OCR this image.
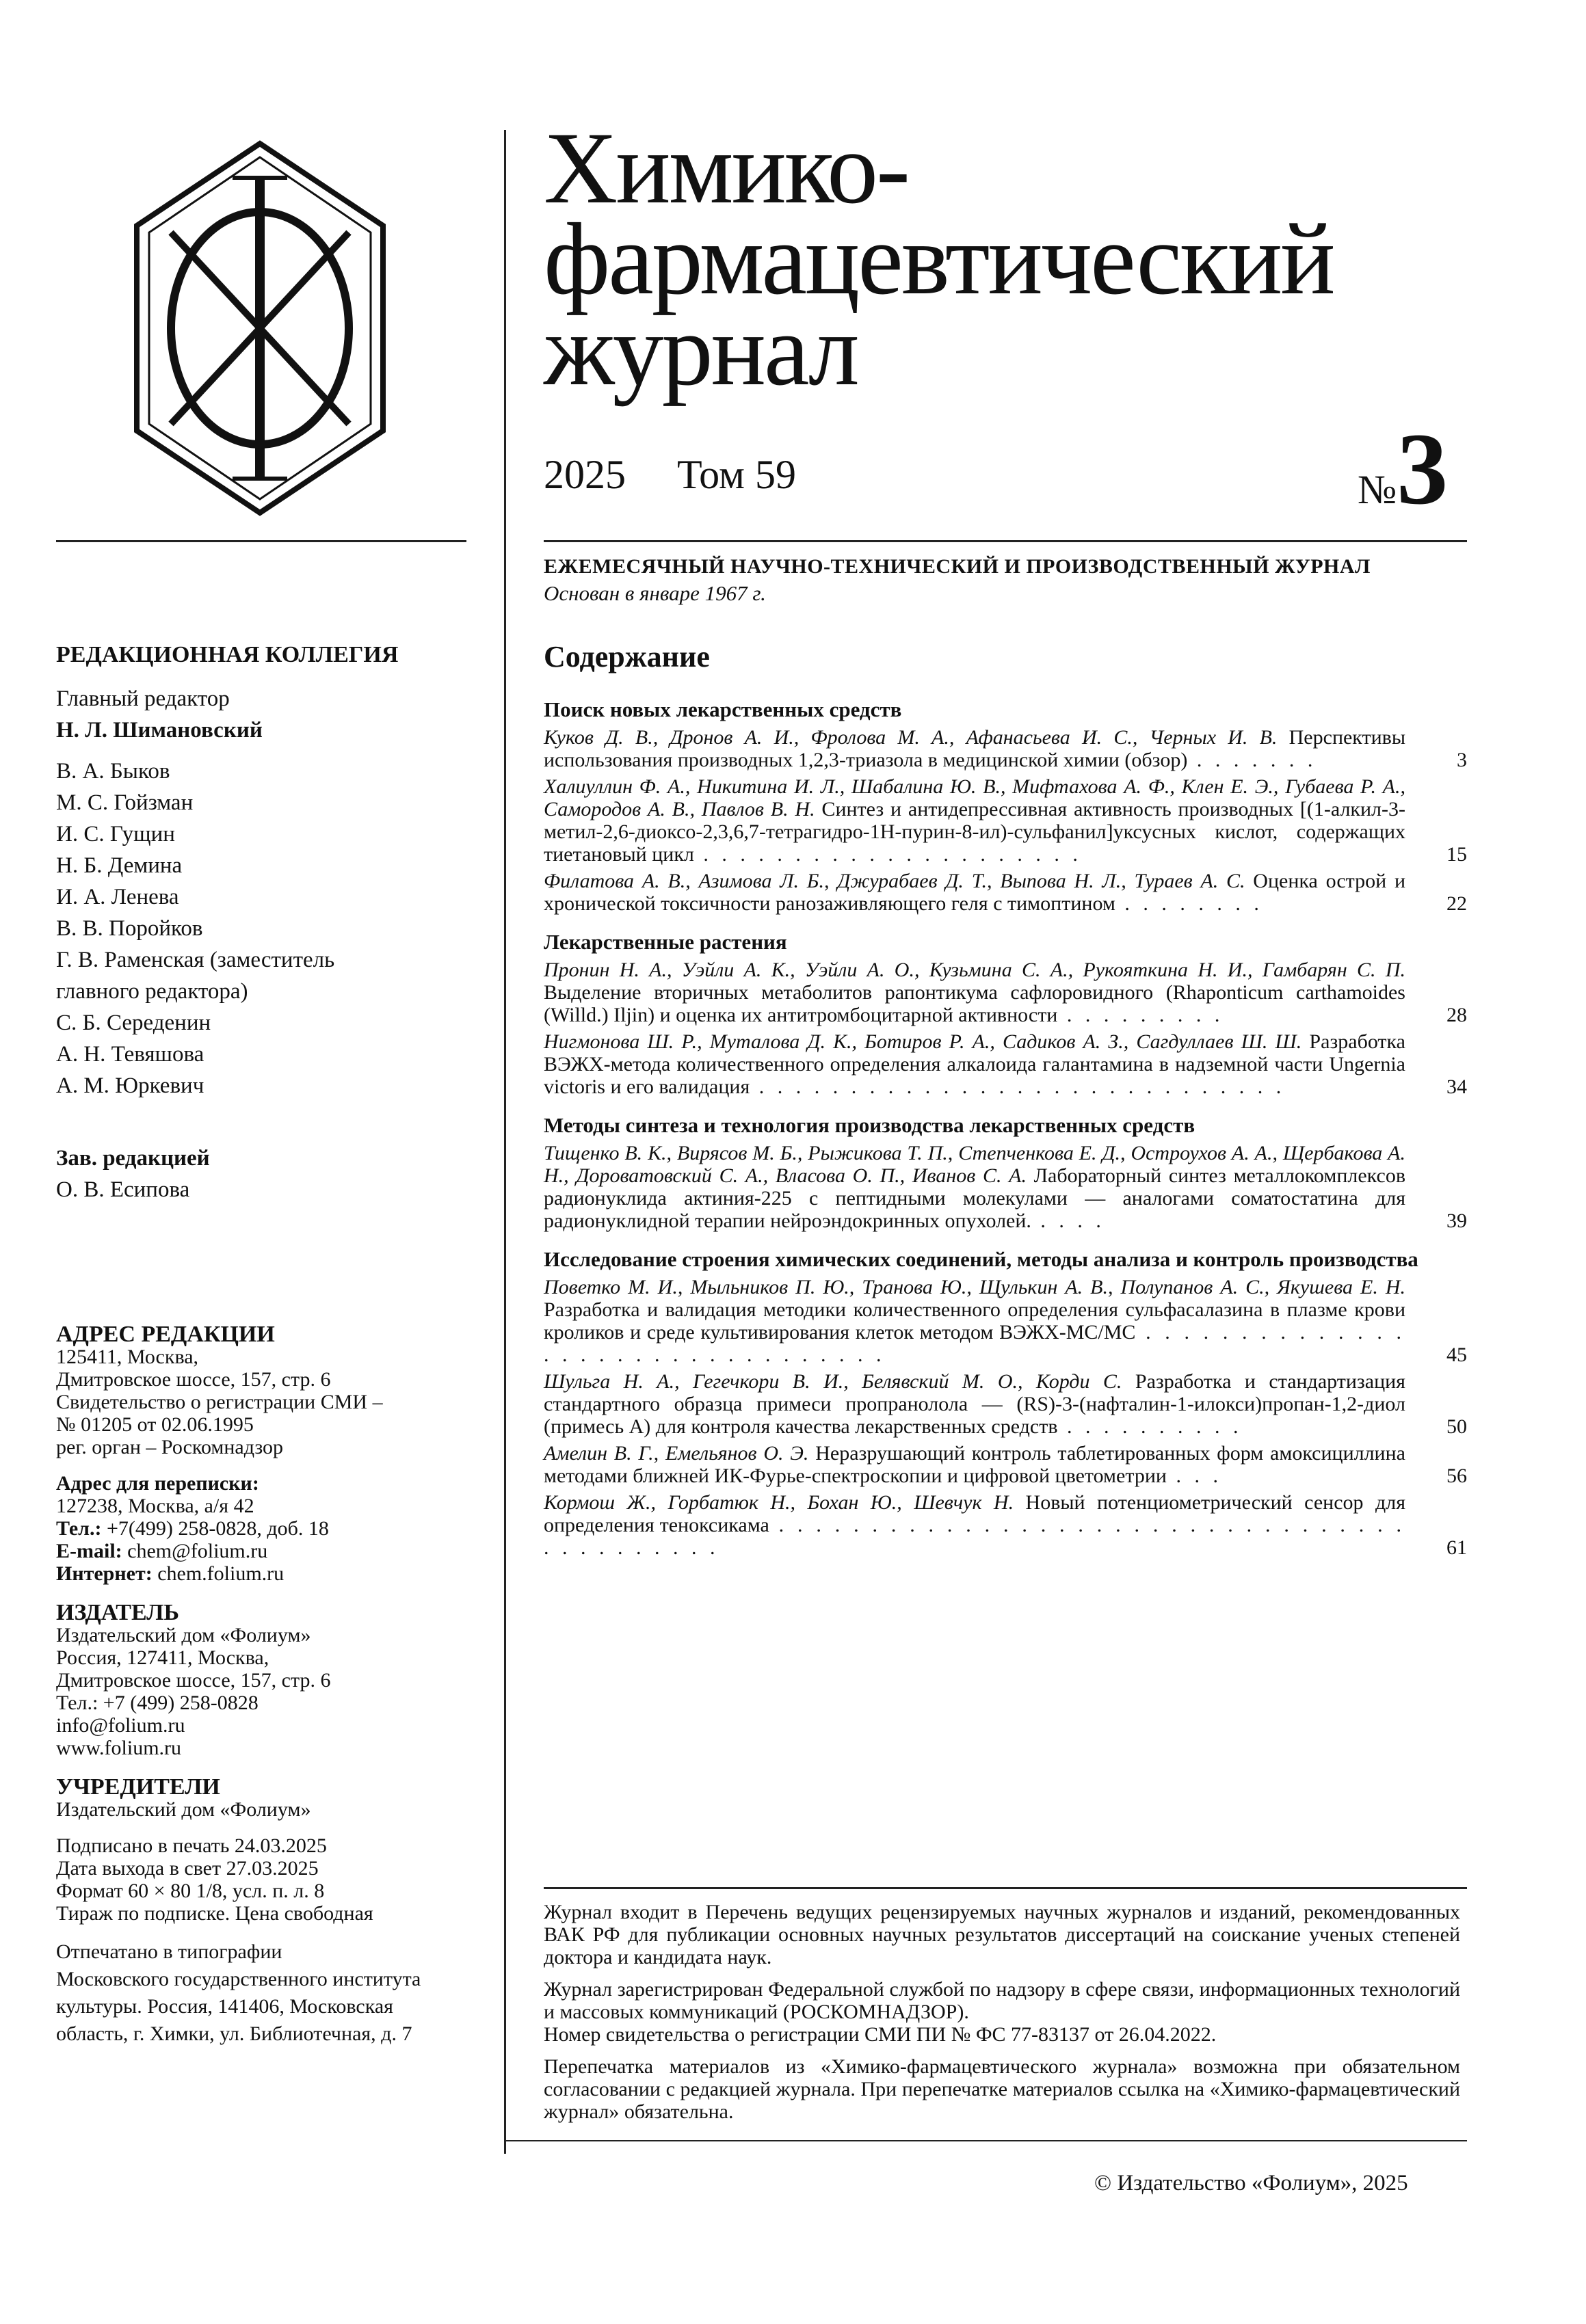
Химико-
фармацевтический
журнал
2025 Том 59	№3
ЕЖЕМЕСЯЧНЫЙ НАУЧНО-ТЕХНИЧЕСКИЙ И ПРОИЗВОДСТВЕННЫЙ ЖУРНАЛ
Основан в январе 1967 г.
РЕДАКЦИОННАЯ КОЛЛЕГИЯ
Главный редактор
Н. Л. Шимановский
В. А. Быков
М. С. Гойзман
И. С. Гущин
Н. Б. Демина
И. А. Ленева
В. В. Поройков
Г. В. Раменская (заместитель
главного редактора)
С. Б. Середенин
А. Н. Тевяшова
А. М. Юркевич
Зав. редакцией
О. В. Есипова
АДРЕС РЕДАКЦИИ
125411, Москва,
Дмитровское шоссе, 157, стр. 6
Свидетельство о регистрации СМИ –
№ 01205 от 02.06.1995
рег. орган – Роскомнадзор
Адрес для переписки:
127238, Москва, а/я 42
Тел.: +7(499) 258-0828, доб. 18
E-mail: chem@folium.ru
Интернет: chem.folium.ru
ИЗДАТЕЛЬ
Издательский дом «Фолиум»
Россия, 127411, Москва,
Дмитровское шоссе, 157, стр. 6
Тел.: +7 (499) 258-0828
info@folium.ru
www.folium.ru
УЧРЕДИТЕЛИ
Издательский дом «Фолиум»
Подписано в печать 24.03.2025
Дата выхода в свет 27.03.2025
Формат 60 × 80 1/8, усл. п. л. 8
Тираж по подписке. Цена свободная
Отпечатано в типографии
Московского государственного института
культуры. Россия, 141406, Московская
область, г. Химки, ул. Библиотечная, д. 7
Содержание
Поиск новых лекарственных средств
Куков Д. В., Дронов А. И., Фролова М. А., Афанасьева И. С., Черных И. В. Перспективы использования производных 1,2,3-триазола в медицинской химии (обзор) . . . . . . .	3
Халиуллин Ф. А., Никитина И. Л., Шабалина Ю. В., Мифтахова А. Ф., Клен Е. Э., Губаева Р. А., Самородов А. В., Павлов В. Н. Синтез и антидепрессивная активность производных [(1-алкил-3-метил-2,6-диоксо-2,3,6,7-тетрагидро-1H-пурин-8-ил)-сульфанил]уксусных кислот, содержащих тиетановый цикл . . . . . . . . . . . . . . . . . . . . .	15
Филатова А. В., Азимова Л. Б., Джурабаев Д. Т., Выпова Н. Л., Тураев А. С. Оценка острой и хронической токсичности ранозаживляющего геля с тимоптином . . . . . . . .	22
Лекарственные растения
Пронин Н. А., Уэйли А. К., Уэйли А. О., Кузьмина С. А., Рукояткина Н. И., Гамбарян С. П. Выделение вторичных метаболитов рапонтикума сафлоровидного (Rhaponticum carthamoides (Willd.) Iljin) и оценка их антитромбоцитарной активности . . . . . . . . .	28
Нигмонова Ш. Р., Муталова Д. К., Ботиров Р. А., Садиков А. З., Сагдуллаев Ш. Ш. Разработка ВЭЖХ-метода количественного определения алкалоида галантамина в надземной части Ungernia victoris и его валидация . . . . . . . . . . . . . . . . . . . . . . . . . . . . .	34
Методы синтеза и технология производства лекарственных средств
Тищенко В. К., Вирясов М. Б., Рыжикова Т. П., Степченкова Е. Д., Остроухов А. А., Щербакова А. Н., Дороватовский С. А., Власова О. П., Иванов С. А. Лабораторный синтез металлокомплексов радионуклида актиния-225 с пептидными молекулами — аналогами соматостатина для радионуклидной терапии нейроэндокринных опухолей. . . . .	39
Исследование строения химических соединений, методы анализа и контроль производства
Поветко М. И., Мыльников П. Ю., Транова Ю., Щулькин А. В., Полупанов А. С., Якушева Е. Н. Разработка и валидация методики количественного определения сульфасалазина в плазме крови кроликов и среде культивирования клеток методом ВЭЖХ-МС/МС . . . . . . . . . . . . . . . . . . . . . . . . . . . . . . . . .	45
Шульга Н. А., Гегечкори В. И., Белявский М. О., Корди С. Разработка и стандартизация стандартного образца примеси пропранолола — (RS)-3-(нафталин-1-илокси)пропан-1,2-диол (примесь A) для контроля качества лекарственных средств . . . . . . . . . .	50
Амелин В. Г., Емельянов О. Э. Неразрушающий контроль таблетированных форм амоксициллина методами ближней ИК-Фурье-спектроскопии и цифровой цветометрии . . .	56
Кормош Ж., Горбатюк Н., Бохан Ю., Шевчук Н. Новый потенциометрический сенсор для определения теноксикама . . . . . . . . . . . . . . . . . . . . . . . . . . . . . . . . . . . . . . . . . . . .	61

Журнал входит в Перечень ведущих рецензируемых научных журналов и изданий, рекомендованных ВАК РФ для публикации основных научных результатов диссертаций на соискание ученых степеней доктора и кандидата наук.

Журнал зарегистрирован Федеральной службой по надзору в сфере связи, информационных технологий и массовых коммуникаций (РОСКОМНАДЗОР).

Номер свидетельства о регистрации СМИ ПИ № ФС 77-83137 от 26.04.2022.

Перепечатка материалов из «Химико-фармацевтического журнала» возможна при обязательном согласовании с редакцией журнала. При перепечатке материалов ссылка на «Химико-фармацевтический журнал» обязательна.

© Издательство «Фолиум», 2025
